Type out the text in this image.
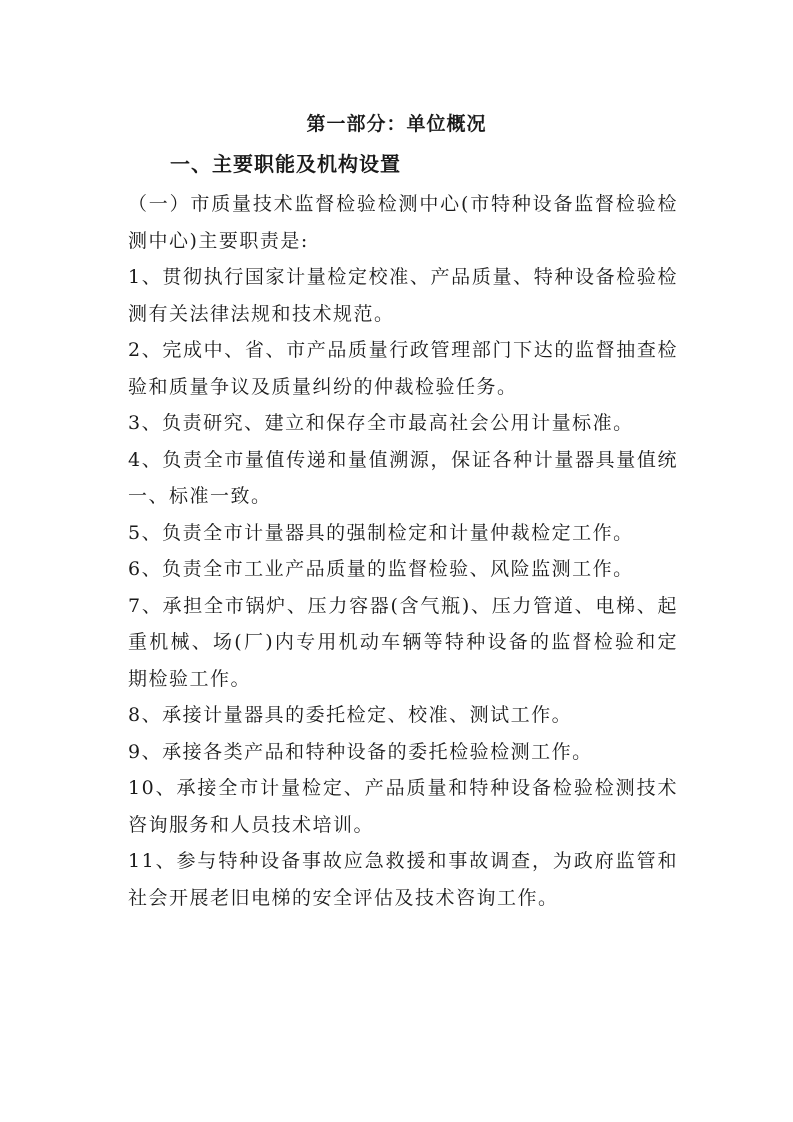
第一部分：单位概况
一、主要职能及机构设置

（一）市质量技术监督检验检测中心(市特种设备监督检验检测中心)主要职责是:

1、贯彻执行国家计量检定校准、产品质量、特种设备检验检测有关法律法规和技术规范。

2、完成中、省、市产品质量行政管理部门下达的监督抽查检验和质量争议及质量纠纷的仲裁检验任务。

3、负责研究、建立和保存全市最高社会公用计量标准。

4、负责全市量值传递和量值溯源，保证各种计量器具量值统一、标准一致。

5、负责全市计量器具的强制检定和计量仲裁检定工作。

6、负责全市工业产品质量的监督检验、风险监测工作。

7、承担全市锅炉、压力容器(含气瓶)、压力管道、电梯、起重机械、场(厂)内专用机动车辆等特种设备的监督检验和定期检验工作。

8、承接计量器具的委托检定、校准、测试工作。

9、承接各类产品和特种设备的委托检验检测工作。

10、承接全市计量检定、产品质量和特种设备检验检测技术咨询服务和人员技术培训。

11、参与特种设备事故应急救援和事故调查，为政府监管和社会开展老旧电梯的安全评估及技术咨询工作。
